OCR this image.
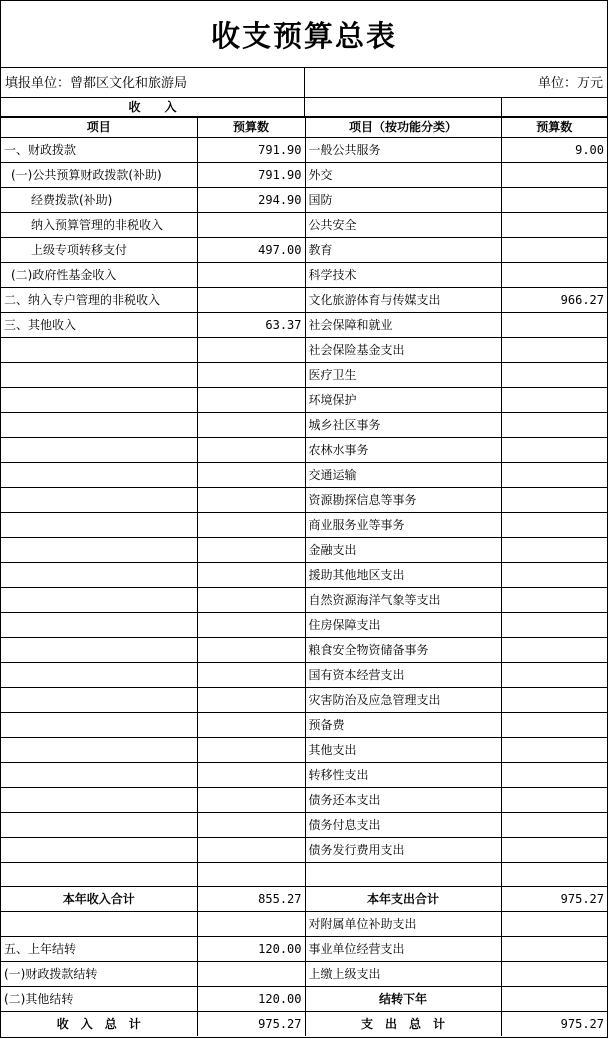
收支预算总表
填报单位：曾都区文化和旅游局	单位：万元
收　　入
项目	预算数	项目（按功能分类）	预算数
一、财政拨款	791.90	一般公共服务	9.00
(一)公共预算财政拨款(补助)	791.90	外交	
经费拨款(补助)	294.90	国防	
纳入预算管理的非税收入		公共安全	
上级专项转移支付	497.00	教育	
(二)政府性基金收入		科学技术	
二、纳入专户管理的非税收入		文化旅游体育与传媒支出	966.27
三、其他收入	63.37	社会保障和就业	
		社会保险基金支出	
		医疗卫生	
		环境保护	
		城乡社区事务	
		农林水事务	
		交通运输	
		资源勘探信息等事务	
		商业服务业等事务	
		金融支出	
		援助其他地区支出	
		自然资源海洋气象等支出	
		住房保障支出	
		粮食安全物资储备事务	
		国有资本经营支出	
		灾害防治及应急管理支出	
		预备费	
		其他支出	
		转移性支出	
		债务还本支出	
		债务付息支出	
		债务发行费用支出	

本年收入合计	855.27	本年支出合计	975.27
		对附属单位补助支出	
五、上年结转	120.00	事业单位经营支出	
(一)财政拨款结转		上缴上级支出	
(二)其他结转	120.00	结转下年	
收　入　总　计	975.27	支　出　总　计	975.27
